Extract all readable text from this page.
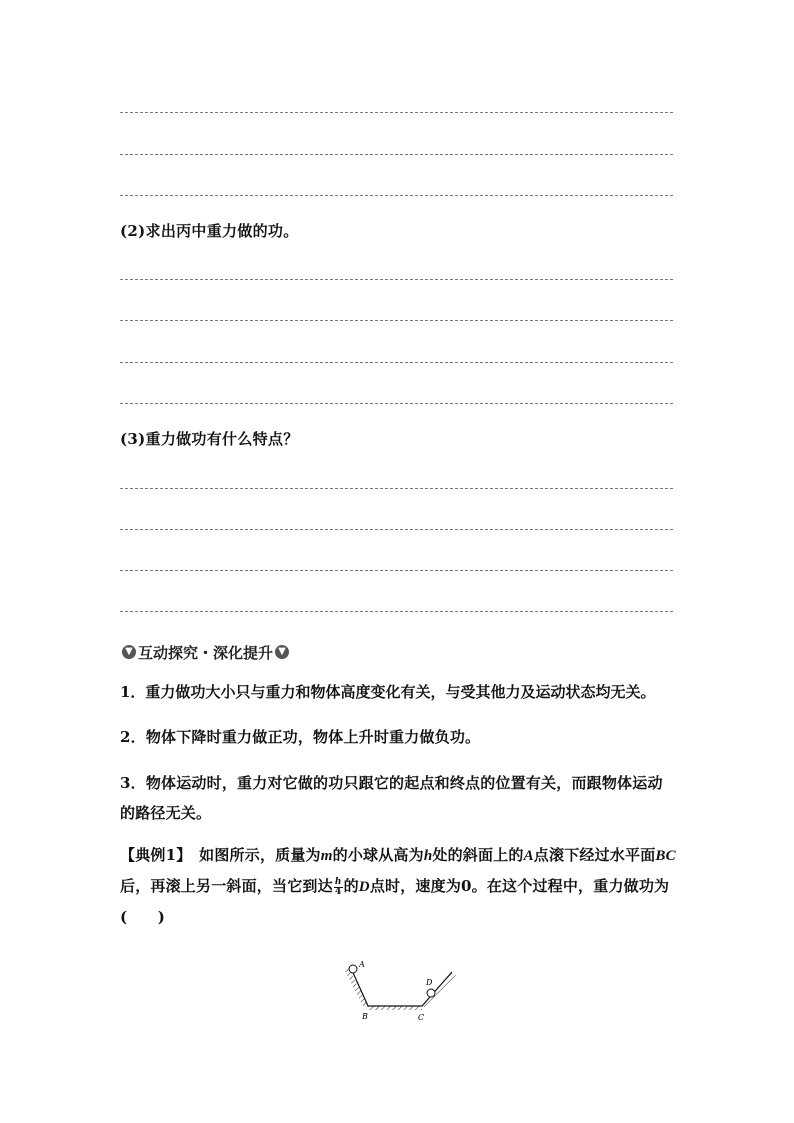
(2)求出丙中重力做的功。
(3)重力做功有什么特点？
▼ 互动探究・深化提升 ▼
1．重力做功大小只与重力和物体高度变化有关，与受其他力及运动状态均无关。
2．物体下降时重力做正功，物体上升时重力做负功。
3．物体运动时，重力对它做的功只跟它的起点和终点的位置有关，而跟物体运动的路径无关。
【典例1】　 如图所示，质量为m的小球从高为h处的斜面上的A点滚下经过水平面BC后，再滚上另一斜面，当它到达 $\frac{h}{4}$ 的D点时，速度为0。在这个过程中，重力做功为(　　)
A
B	C
D
